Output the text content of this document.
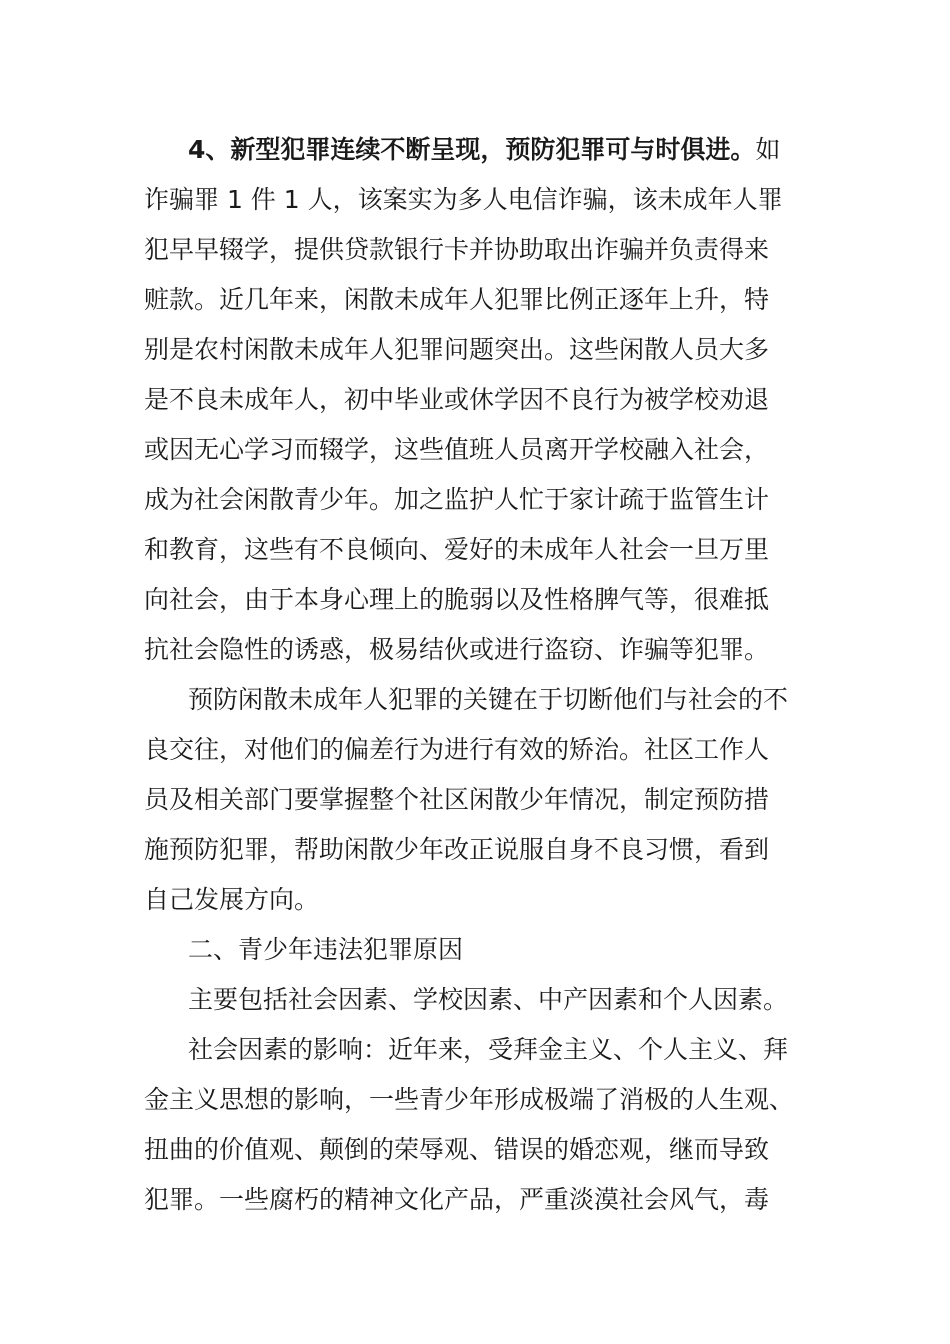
4、新型犯罪连续不断呈现，预防犯罪可与时俱进。如
诈骗罪 1 件 1 人，该案实为多人电信诈骗，该未成年人罪
犯早早辍学，提供贷款银行卡并协助取出诈骗并负责得来
赃款。近几年来，闲散未成年人犯罪比例正逐年上升，特
别是农村闲散未成年人犯罪问题突出。这些闲散人员大多
是不良未成年人，初中毕业或休学因不良行为被学校劝退
或因无心学习而辍学，这些值班人员离开学校融入社会，
成为社会闲散青少年。加之监护人忙于家计疏于监管生计
和教育，这些有不良倾向、爱好的未成年人社会一旦万里
向社会，由于本身心理上的脆弱以及性格脾气等，很难抵
抗社会隐性的诱惑，极易结伙或进行盗窃、诈骗等犯罪。
预防闲散未成年人犯罪的关键在于切断他们与社会的不
良交往，对他们的偏差行为进行有效的矫治。社区工作人
员及相关部门要掌握整个社区闲散少年情况，制定预防措
施预防犯罪，帮助闲散少年改正说服自身不良习惯，看到
自己发展方向。
二、青少年违法犯罪原因
主要包括社会因素、学校因素、中产因素和个人因素。
社会因素的影响：近年来，受拜金主义、个人主义、拜
金主义思想的影响，一些青少年形成极端了消极的人生观、
扭曲的价值观、颠倒的荣辱观、错误的婚恋观，继而导致
犯罪。一些腐朽的精神文化产品，严重淡漠社会风气，毒
